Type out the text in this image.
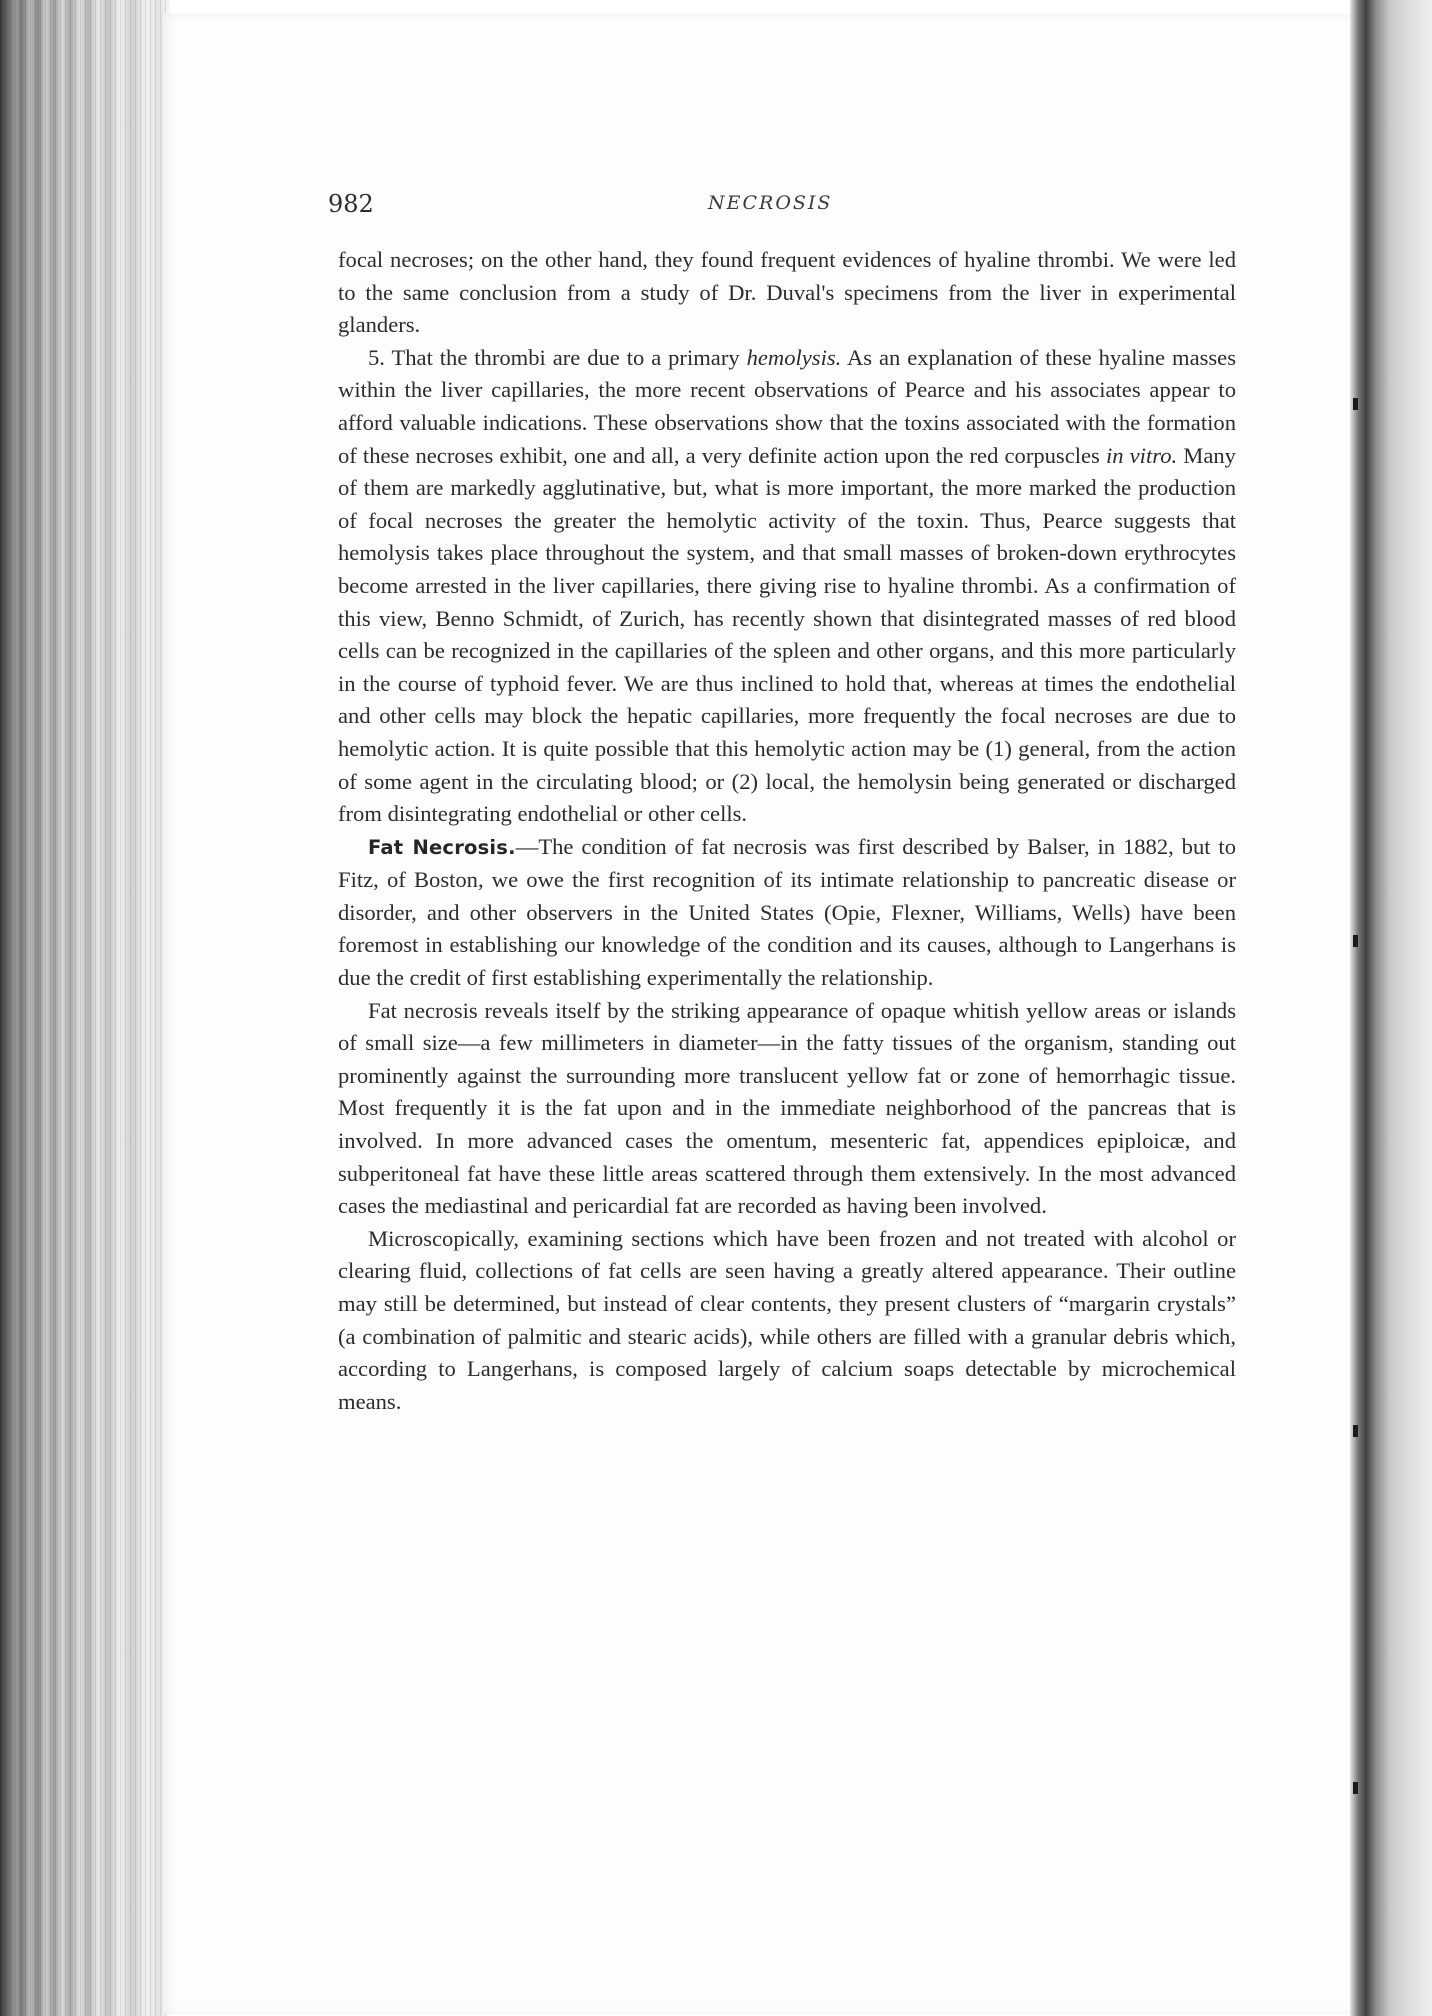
982	NECROSIS

focal necroses; on the other hand, they found frequent evidences of hyaline thrombi. We were led to the same conclusion from a study of Dr. Duval's specimens from the liver in experimental glanders.

5. That the thrombi are due to a primary hemolysis. As an explanation of these hyaline masses within the liver capillaries, the more recent observations of Pearce and his associates appear to afford valuable indications. These observations show that the toxins associated with the formation of these necroses exhibit, one and all, a very definite action upon the red corpuscles in vitro. Many of them are markedly agglutinative, but, what is more important, the more marked the production of focal necroses the greater the hemolytic activity of the toxin. Thus, Pearce suggests that hemolysis takes place throughout the system, and that small masses of broken-down erythrocytes become arrested in the liver capillaries, there giving rise to hyaline thrombi. As a confirmation of this view, Benno Schmidt, of Zurich, has recently shown that disintegrated masses of red blood cells can be recognized in the capillaries of the spleen and other organs, and this more particularly in the course of typhoid fever. We are thus inclined to hold that, whereas at times the endothelial and other cells may block the hepatic capillaries, more frequently the focal necroses are due to hemolytic action. It is quite possible that this hemolytic action may be (1) general, from the action of some agent in the circulating blood; or (2) local, the hemolysin being generated or discharged from disintegrating endothelial or other cells.

Fat Necrosis.—The condition of fat necrosis was first described by Balser, in 1882, but to Fitz, of Boston, we owe the first recognition of its intimate relationship to pancreatic disease or disorder, and other observers in the United States (Opie, Flexner, Williams, Wells) have been foremost in establishing our knowledge of the condition and its causes, although to Langerhans is due the credit of first establishing experimentally the relationship.

Fat necrosis reveals itself by the striking appearance of opaque whitish yellow areas or islands of small size—a few millimeters in diameter—in the fatty tissues of the organism, standing out prominently against the surrounding more translucent yellow fat or zone of hemorrhagic tissue. Most frequently it is the fat upon and in the immediate neighborhood of the pancreas that is involved. In more advanced cases the omentum, mesenteric fat, appendices epiploicæ, and subperitoneal fat have these little areas scattered through them extensively. In the most advanced cases the mediastinal and pericardial fat are recorded as having been involved.

Microscopically, examining sections which have been frozen and not treated with alcohol or clearing fluid, collections of fat cells are seen having a greatly altered appearance. Their outline may still be determined, but instead of clear contents, they present clusters of “margarin crystals” (a combination of palmitic and stearic acids), while others are filled with a granular debris which, according to Langerhans, is composed largely of calcium soaps detectable by microchemical means.
